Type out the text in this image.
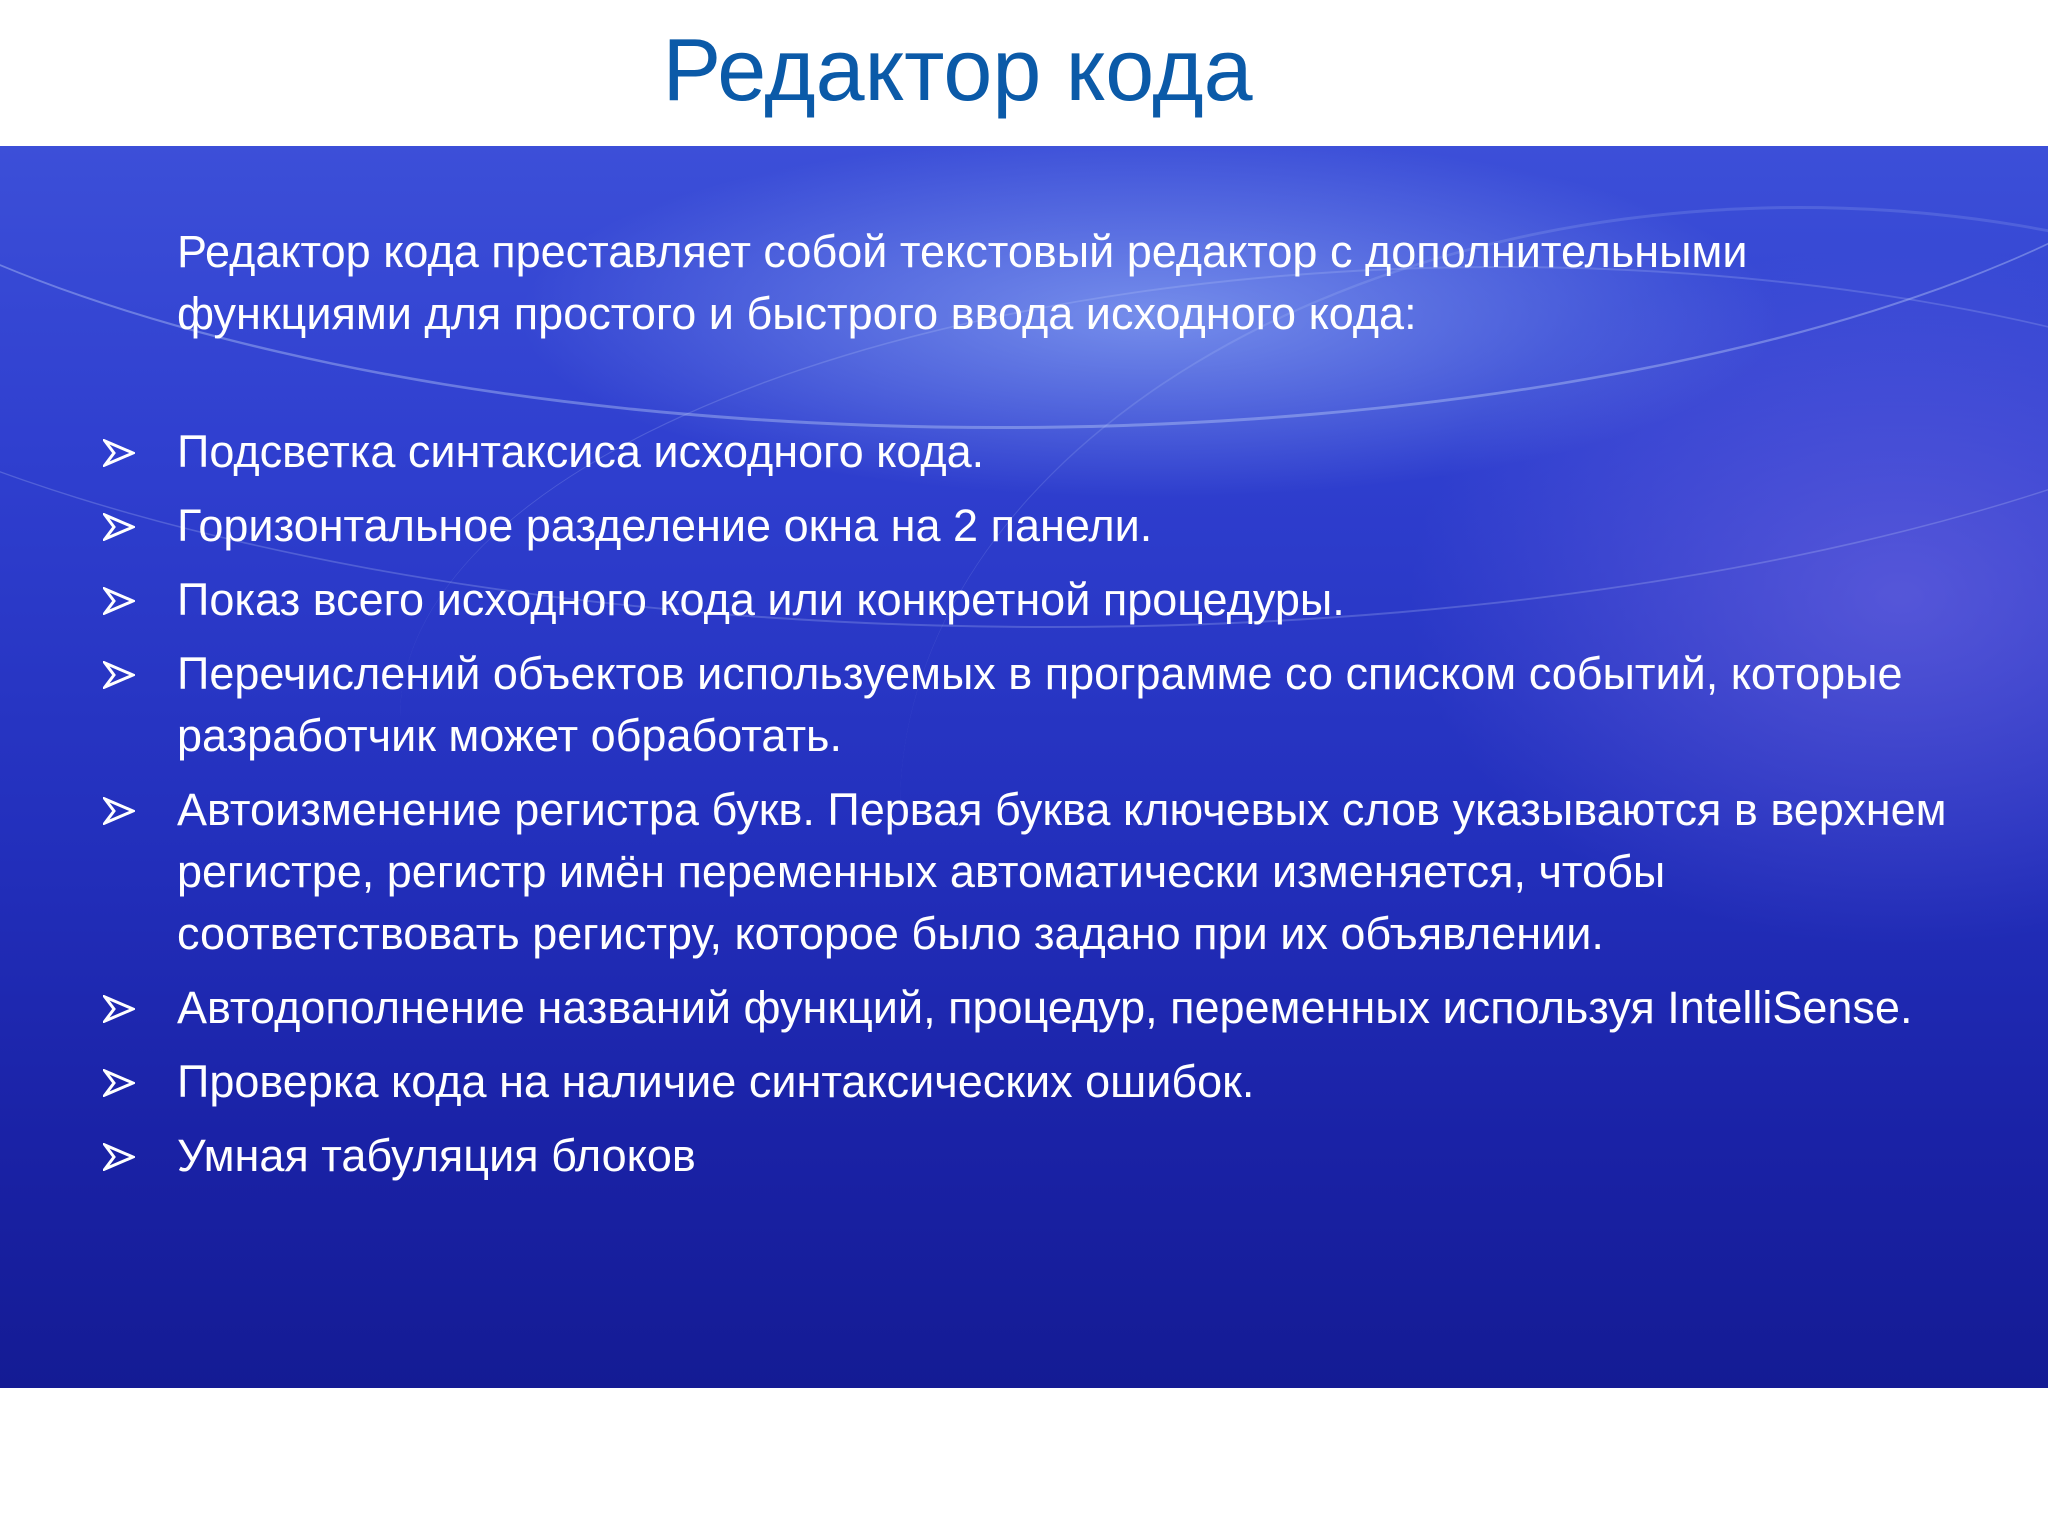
Редактор кода

Редактор кода преставляет собой текстовый редактор с дополнительными функциями для простого и быстрого ввода исходного кода:

Подсветка синтаксиса исходного кода.
Горизонтальное разделение окна на 2 панели.
Показ всего исходного кода или конкретной процедуры.
Перечислений объектов используемых в программе со списком событий, которые разработчик может обработать.
Автоизменение регистра букв. Первая буква ключевых слов указываются в верхнем регистре, регистр имён переменных автоматически изменяется, чтобы соответствовать регистру, которое было задано при их объявлении.
Автодополнение названий функций, процедур, переменных используя IntelliSense.
Проверка кода на наличие синтаксических ошибок.
Умная табуляция блоков
